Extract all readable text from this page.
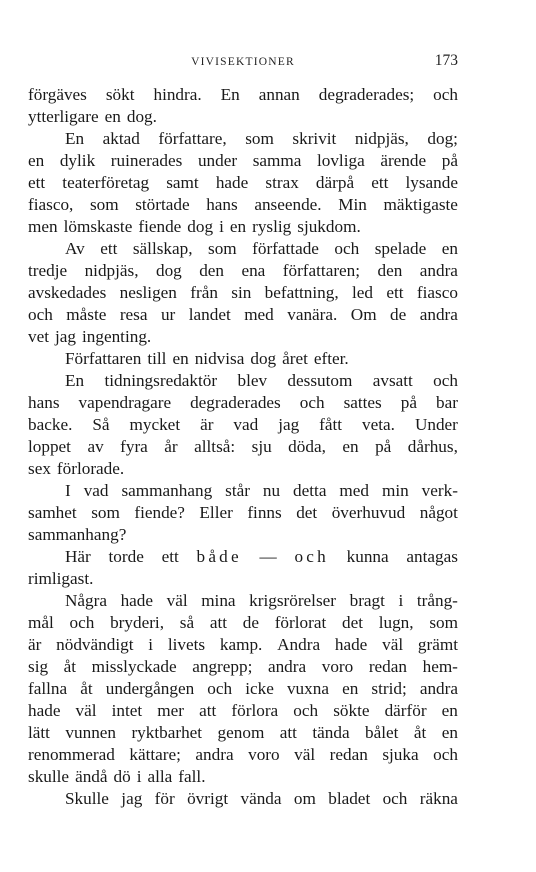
VIVISEKTIONER	173
förgäves sökt hindra. En annan degraderades; och
ytterligare en dog.
En aktad författare, som skrivit nidpjäs, dog;
en dylik ruinerades under samma lovliga ärende på
ett teaterföretag samt hade strax därpå ett lysande
fiasco, som störtade hans anseende. Min mäktigaste
men lömskaste fiende dog i en ryslig sjukdom.
Av ett sällskap, som författade och spelade en
tredje nidpjäs, dog den ena författaren; den andra
avskedades nesligen från sin befattning, led ett fiasco
och måste resa ur landet med vanära. Om de andra
vet jag ingenting.
Författaren till en nidvisa dog året efter.
En tidningsredaktör blev dessutom avsatt och
hans vapendragare degraderades och sattes på bar
backe. Så mycket är vad jag fått veta. Under
loppet av fyra år alltså: sju döda, en på dårhus,
sex förlorade.
I vad sammanhang står nu detta med min verk-
samhet som fiende? Eller finns det överhuvud något
sammanhang?
Här torde ett både — och kunna antagas
rimligast.
Några hade väl mina krigsrörelser bragt i trång-
mål och bryderi, så att de förlorat det lugn, som
är nödvändigt i livets kamp. Andra hade väl grämt
sig åt misslyckade angrepp; andra voro redan hem-
fallna åt undergången och icke vuxna en strid; andra
hade väl intet mer att förlora och sökte därför en
lätt vunnen ryktbarhet genom att tända bålet åt en
renommerad kättare; andra voro väl redan sjuka och
skulle ändå dö i alla fall.
Skulle jag för övrigt vända om bladet och räkna
